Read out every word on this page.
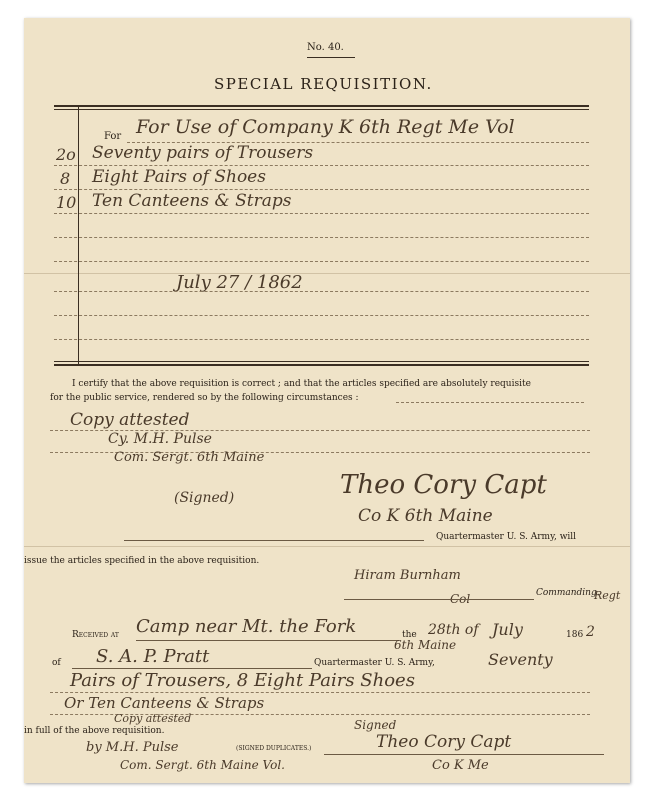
No. 40.
SPECIAL REQUISITION.
For For Use of Company K 6th Regt Me Vol
2o Seventy pairs of Trousers
8 Eight Pairs of Shoes
10 Ten Canteens & Straps
July 27 / 1862
I certify that the above requisition is correct ; and that the articles specified are absolutely requisite
for the public service, rendered so by the following circumstances :
Copy attested
Cy. M.H. Pulse
Com. Sergt. 6th Maine
(Signed)	Theo Cory Capt
Co K 6th Maine
Quartermaster U. S. Army, will
issue the articles specified in the above requisition.
Hiram Burnham
Col	Commanding.
Regt
Received at Camp near Mt. the Fork	the 28th of July	186 2
of S. A. P. Pratt
6th Maine
Quartermaster U. S. Army,	Seventy
Pairs of Trousers, 8 Eight Pairs Shoes
Or Ten Canteens & Straps
in full of the above requisition.
Copy attested	Signed
by M.H. Pulse	(SIGNED DUPLICATES.)
Com. Sergt. 6th Maine Vol.
Theo Cory Capt
Co K Me
